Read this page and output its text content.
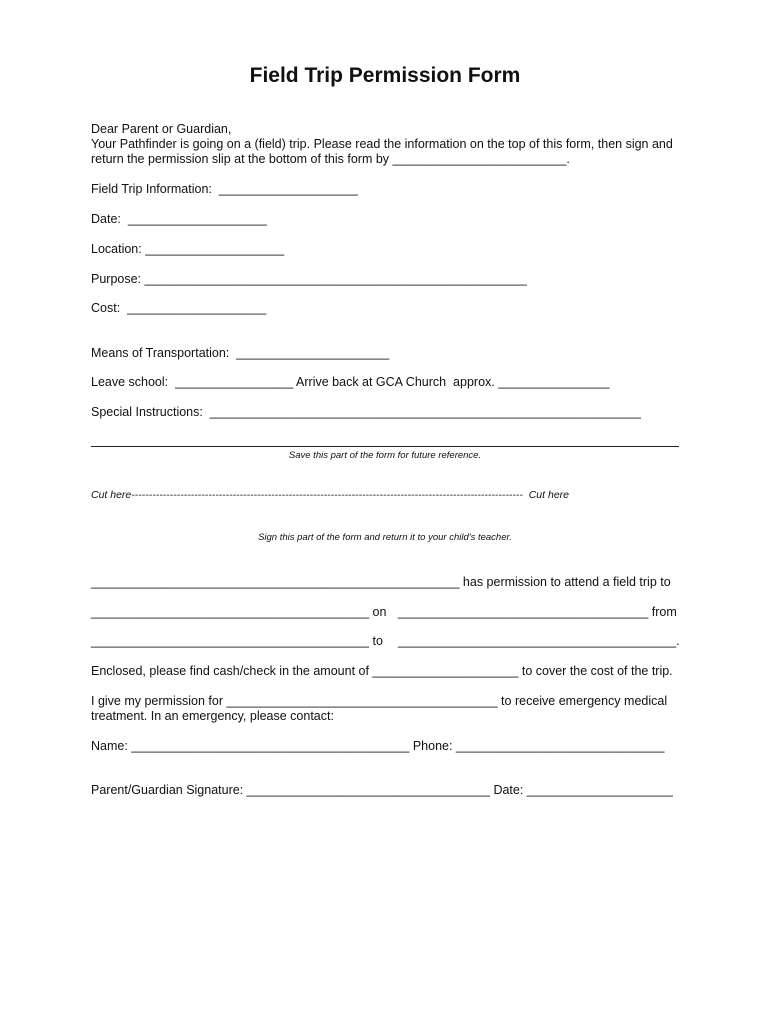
Field Trip Permission Form
Dear Parent or Guardian,
Your Pathfinder is going on a (field) trip. Please read the information on the top of this form, then sign and
return the permission slip at the bottom of this form by _________________________.
Field Trip Information:  ____________________
Date:  ____________________
Location: ____________________
Purpose: _______________________________________________________
Cost:  ____________________
Means of Transportation:  ______________________
Leave school:  _________________ Arrive back at GCA Church  approx. ________________
Special Instructions:  ______________________________________________________________
Save this part of the form for future reference.
Cut here----------------------------------------------------------------------------------------------------------------  Cut here
Sign this part of the form and return it to your child's teacher.
_____________________________________________________ has permission to attend a field trip to
________________________________________ on ____________________________________ from
________________________________________ to ________________________________________.
Enclosed, please find cash/check in the amount of _____________________ to cover the cost of the trip.
I give my permission for _______________________________________ to receive emergency medical
treatment. In an emergency, please contact:
Name: ________________________________________ Phone: ______________________________
Parent/Guardian Signature: ___________________________________ Date: _____________________
